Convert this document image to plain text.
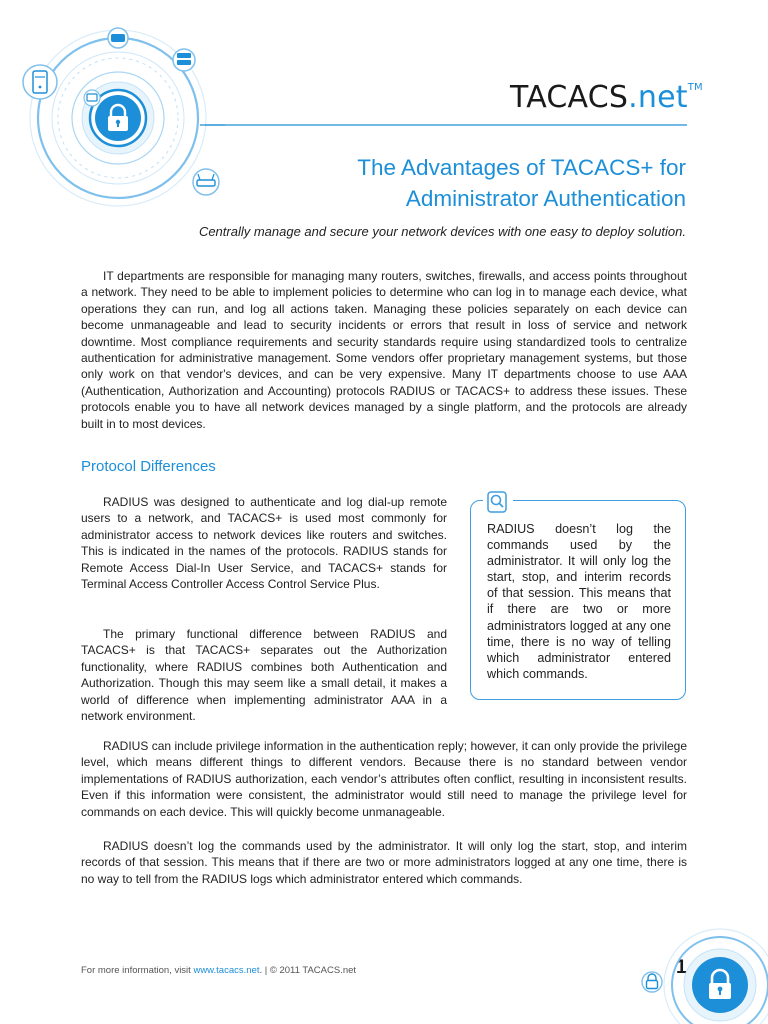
TACACS.net™
The Advantages of TACACS+ for
Administrator Authentication

Centrally manage and secure your network devices with one easy to deploy solution.

IT departments are responsible for managing many routers, switches, firewalls, and access points throughout a network. They need to be able to implement policies to determine who can log in to manage each device, what operations they can run, and log all actions taken. Managing these policies separately on each device can become unmanageable and lead to security incidents or errors that result in loss of service and network downtime. Most compliance requirements and security standards require using standardized tools to centralize authentication for administrative management. Some vendors offer proprietary management systems, but those only work on that vendor's devices, and can be very expensive. Many IT departments choose to use AAA (Authentication, Authorization and Accounting) protocols RADIUS or TACACS+ to address these issues. These protocols enable you to have all network devices managed by a single platform, and the protocols are already built in to most devices.

Protocol Differences

RADIUS was designed to authenticate and log dial-up remote users to a network, and TACACS+ is used most commonly for administrator access to network devices like routers and switches. This is indicated in the names of the protocols. RADIUS stands for Remote Access Dial-In User Service, and TACACS+ stands for Terminal Access Controller Access Control Service Plus.

The primary functional difference between RADIUS and TACACS+ is that TACACS+ separates out the Authorization functionality, where RADIUS combines both Authentication and Authorization. Though this may seem like a small detail, it makes a world of difference when implementing administrator AAA in a network environment.

RADIUS doesn’t log the commands used by the administrator. It will only log the start, stop, and interim records of that session. This means that if there are two or more administrators logged at any one time, there is no way of telling which administrator entered which commands.

RADIUS can include privilege information in the authentication reply; however, it can only provide the privilege level, which means different things to different vendors. Because there is no standard between vendor implementations of RADIUS authorization, each vendor’s attributes often conflict, resulting in inconsistent results. Even if this information were consistent, the administrator would still need to manage the privilege level for commands on each device. This will quickly become unmanageable.

RADIUS doesn’t log the commands used by the administrator. It will only log the start, stop, and interim records of that session. This means that if there are two or more administrators logged at any one time, there is no way to tell from the RADIUS logs which administrator entered which commands.

For more information, visit www.tacacs.net. | © 2011 TACACS.net	1
